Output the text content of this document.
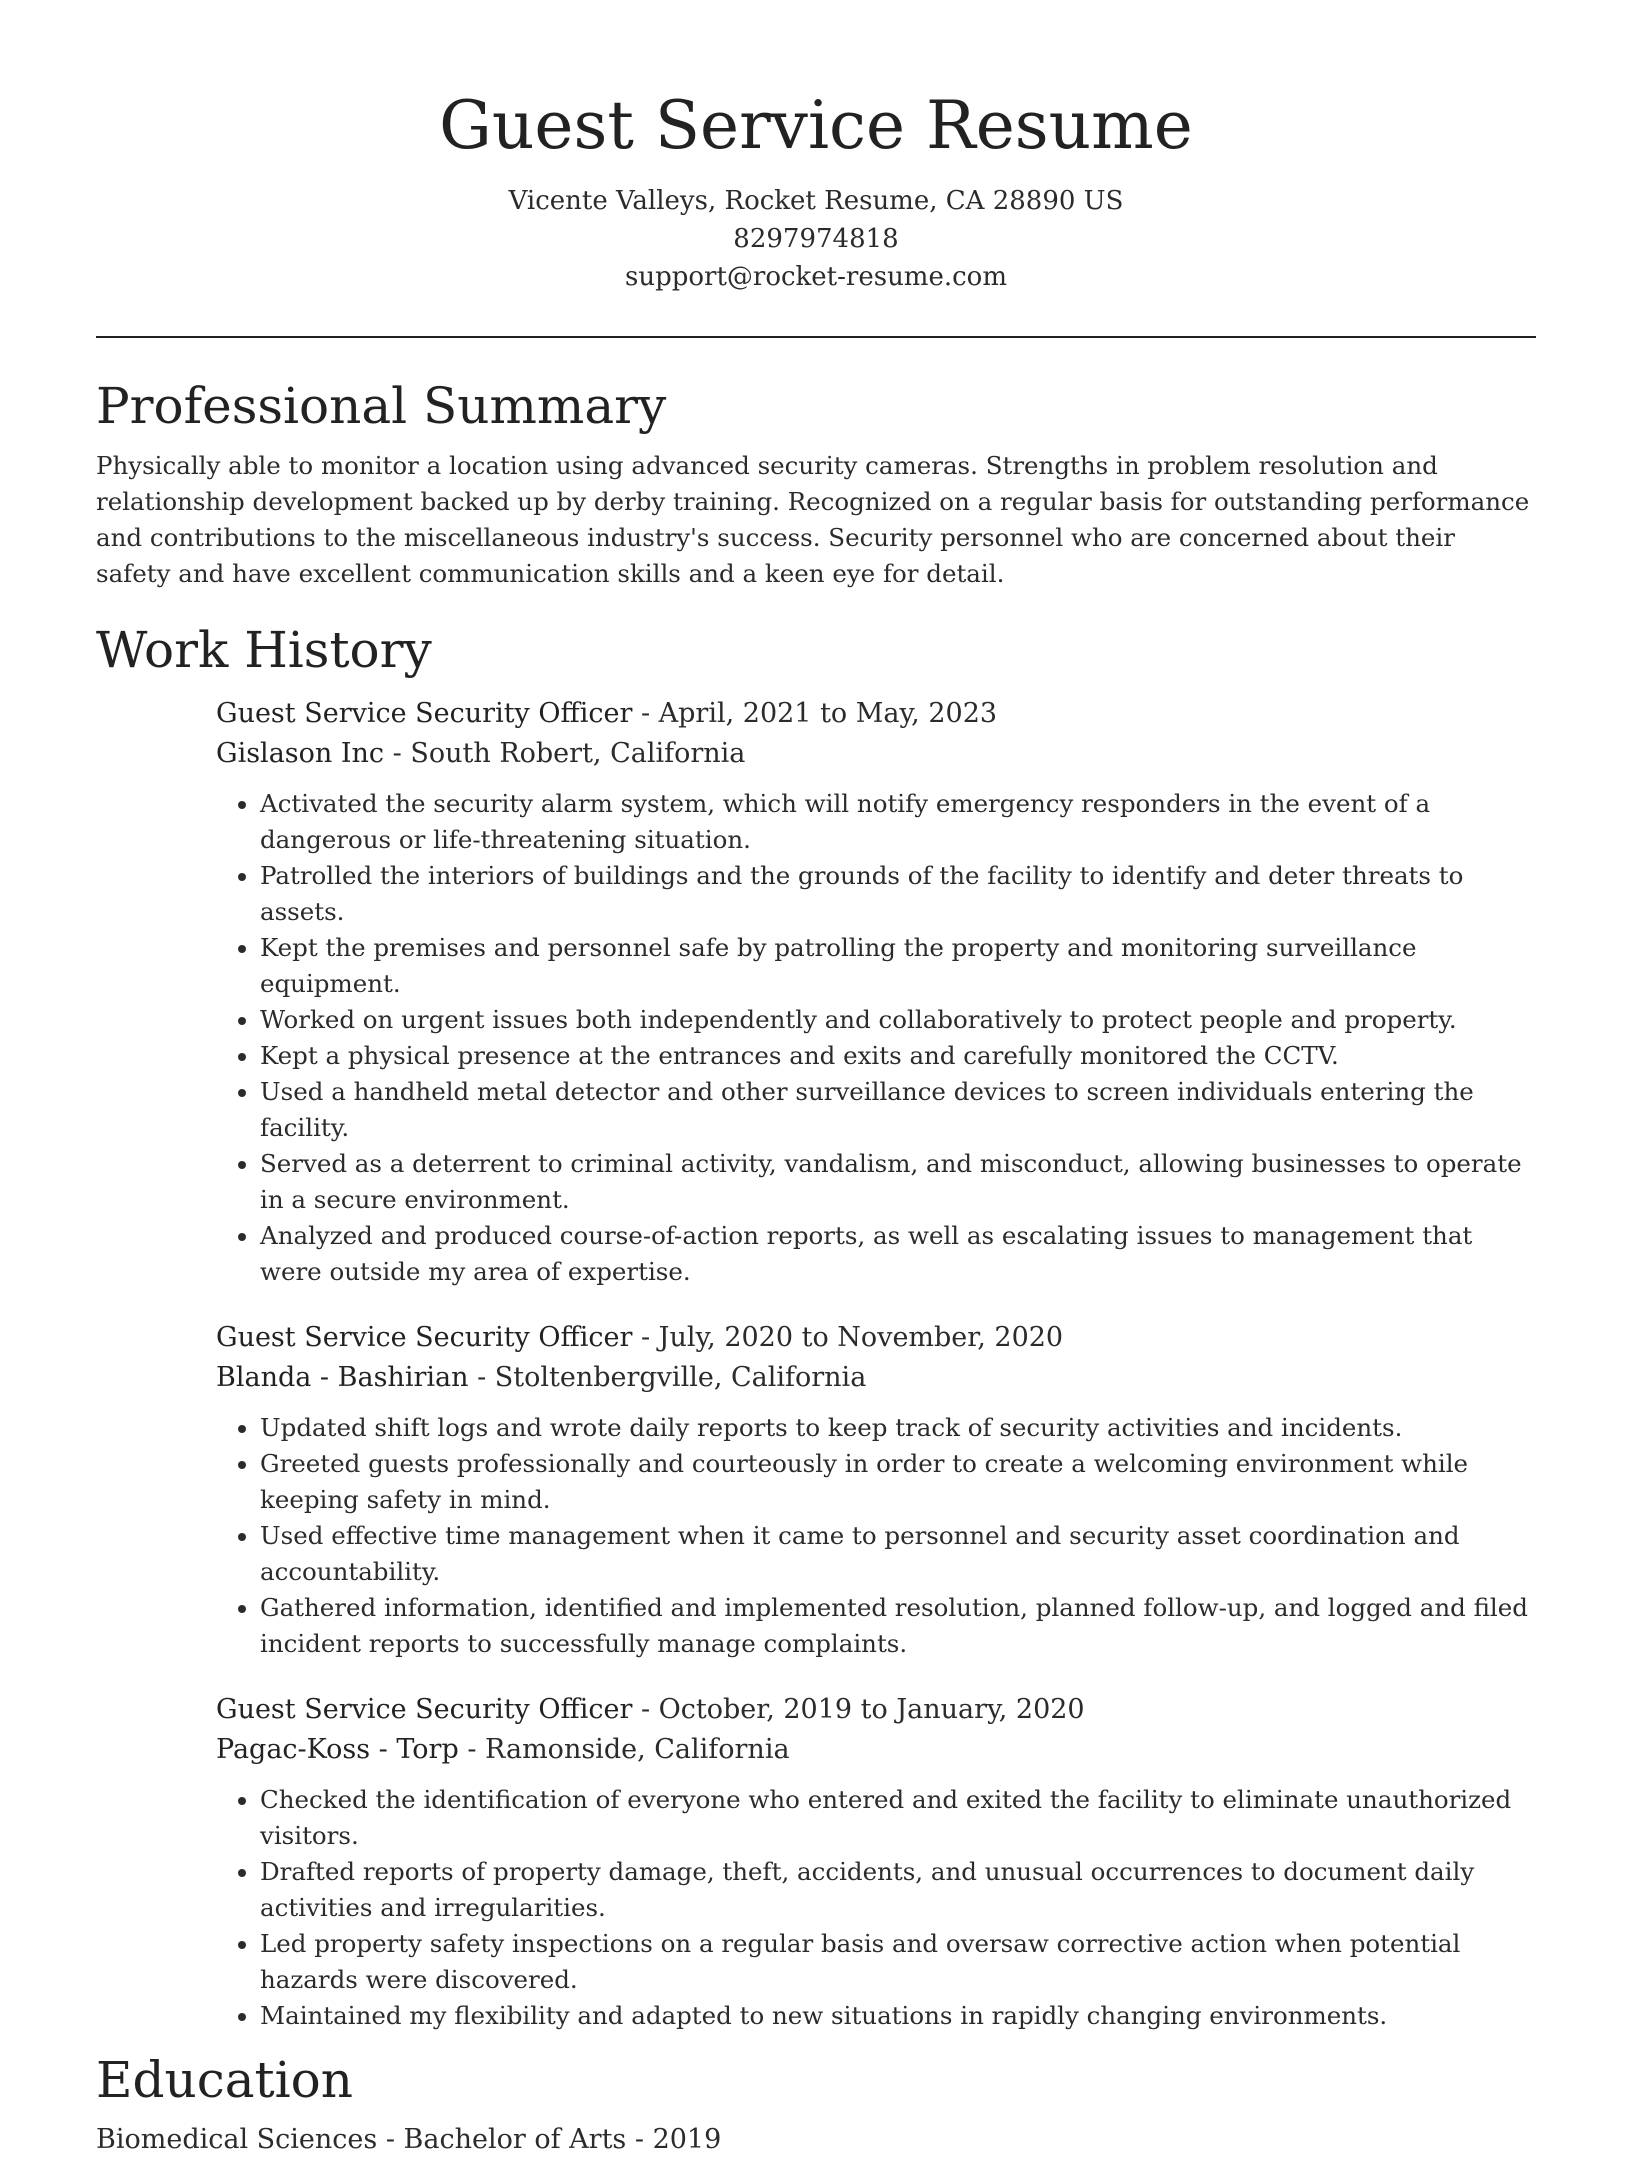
Guest Service Resume

Vicente Valleys, Rocket Resume, CA 28890 US

8297974818

support@rocket-resume.com

Professional Summary

Physically able to monitor a location using advanced security cameras. Strengths in problem resolution and relationship development backed up by derby training. Recognized on a regular basis for outstanding performance and contributions to the miscellaneous industry's success. Security personnel who are concerned about their safety and have excellent communication skills and a keen eye for detail.

Work History

Guest Service Security Officer - April, 2021 to May, 2023

Gislason Inc - South Robert, California

• Activated the security alarm system, which will notify emergency responders in the event of a dangerous or life-threatening situation.
• Patrolled the interiors of buildings and the grounds of the facility to identify and deter threats to assets.
• Kept the premises and personnel safe by patrolling the property and monitoring surveillance equipment.
• Worked on urgent issues both independently and collaboratively to protect people and property.
• Kept a physical presence at the entrances and exits and carefully monitored the CCTV.
• Used a handheld metal detector and other surveillance devices to screen individuals entering the facility.
• Served as a deterrent to criminal activity, vandalism, and misconduct, allowing businesses to operate in a secure environment.
• Analyzed and produced course-of-action reports, as well as escalating issues to management that were outside my area of expertise.

Guest Service Security Officer - July, 2020 to November, 2020

Blanda - Bashirian - Stoltenbergville, California

• Updated shift logs and wrote daily reports to keep track of security activities and incidents.
• Greeted guests professionally and courteously in order to create a welcoming environment while keeping safety in mind.
• Used effective time management when it came to personnel and security asset coordination and accountability.
• Gathered information, identified and implemented resolution, planned follow-up, and logged and filed incident reports to successfully manage complaints.

Guest Service Security Officer - October, 2019 to January, 2020

Pagac-Koss - Torp - Ramonside, California

• Checked the identification of everyone who entered and exited the facility to eliminate unauthorized visitors.
• Drafted reports of property damage, theft, accidents, and unusual occurrences to document daily activities and irregularities.
• Led property safety inspections on a regular basis and oversaw corrective action when potential hazards were discovered.
• Maintained my flexibility and adapted to new situations in rapidly changing environments.
Education

Biomedical Sciences - Bachelor of Arts - 2019
